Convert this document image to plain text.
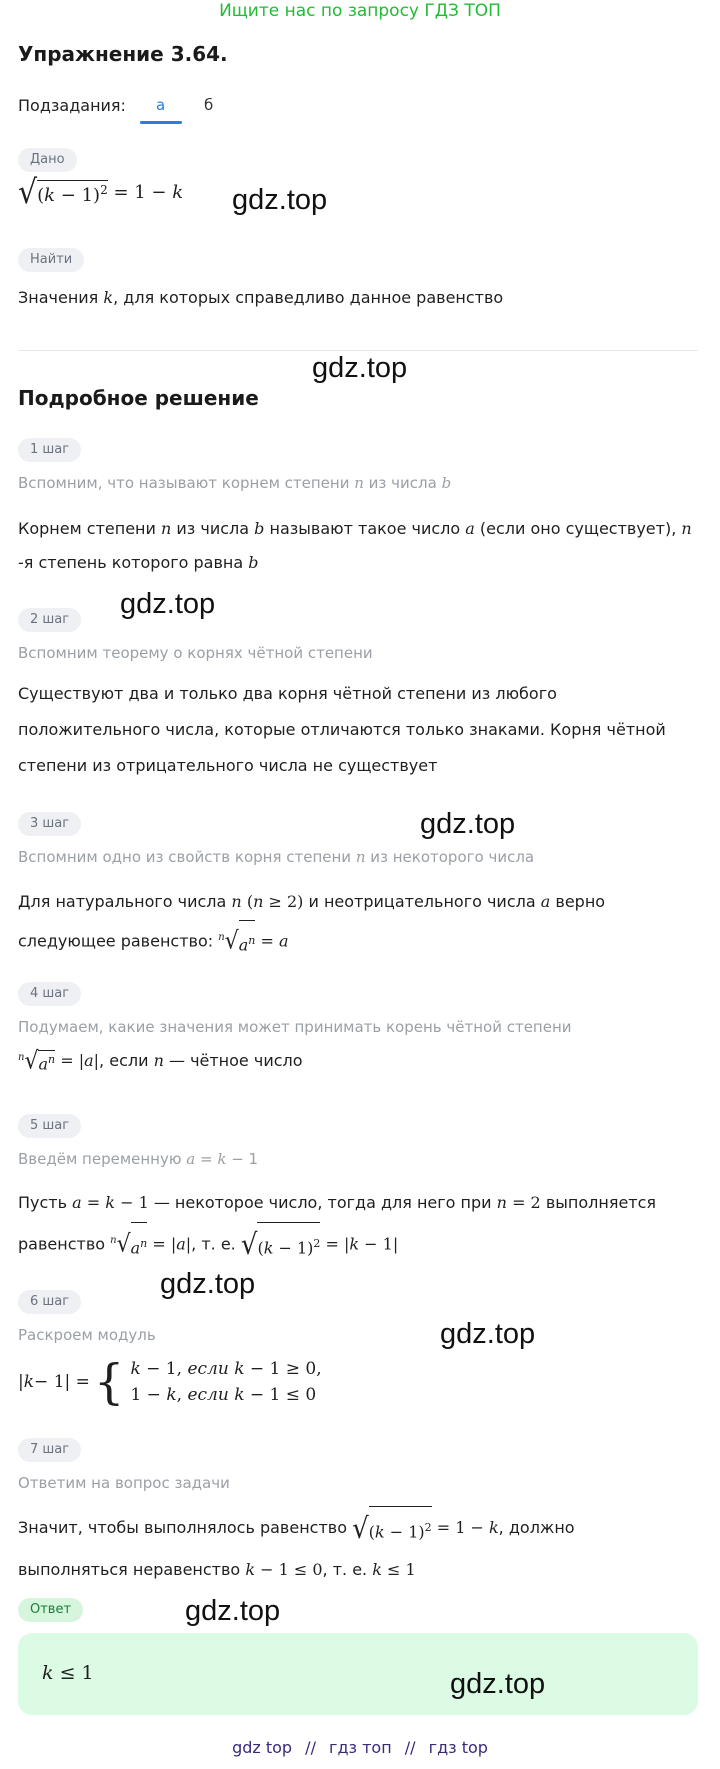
Ищите нас по запросу ГДЗ ТОП
Упражнение 3.64.
Подзадания: а	б
Дано
$√(k - 1)^2 = 1 - k$ gdz.top
Найти
Значения k, для которых справедливо данное равенство
gdz.top
Подробное решение
1 шаг
Вспомним, что называют корнем степени n из числа b
Корнем степени n из числа b называют такое число a (если оно существует), n
-я степень которого равна b
gdz.top
2 шаг
Вспомним теорему о корнях чётной степени
Существуют два и только два корня чётной степени из любого положительного числа, которые отличаются только знаками. Корня чётной степени из отрицательного числа не существует
3 шаг	gdz.top
Вспомним одно из свойств корня степени n из некоторого числа
Для натурального числа n (n ≥ 2) и неотрицательного числа a верно
следующее равенство: $^n√a^n = a$
4 шаг
Подумаем, какие значения может принимать корень чётной степени
$^n√a^n = |a|$, если n — чётное число
5 шаг
Введём переменную a = k − 1
Пусть a = k − 1 — некоторое число, тогда для него при n = 2 выполняется
равенство $^n√a^n = |a|$, т. е. $√(k - 1)^2 = |k - 1|$
gdz.top
6 шаг
gdz.top
Раскроем модуль
| k − 1| = { k − 1, если k − 1 ≥ 0,
1 − k, если k − 1 ≤ 0
7 шаг
Ответим на вопрос задачи
Значит, чтобы выполнялось равенство $√(k - 1)^2 = 1 - k$, должно
выполняться неравенство k − 1 ≤ 0, т. е. k ≤ 1
Ответ	gdz.top
k ≤ 1	gdz.top
gdz top // гдз топ // гдз top
